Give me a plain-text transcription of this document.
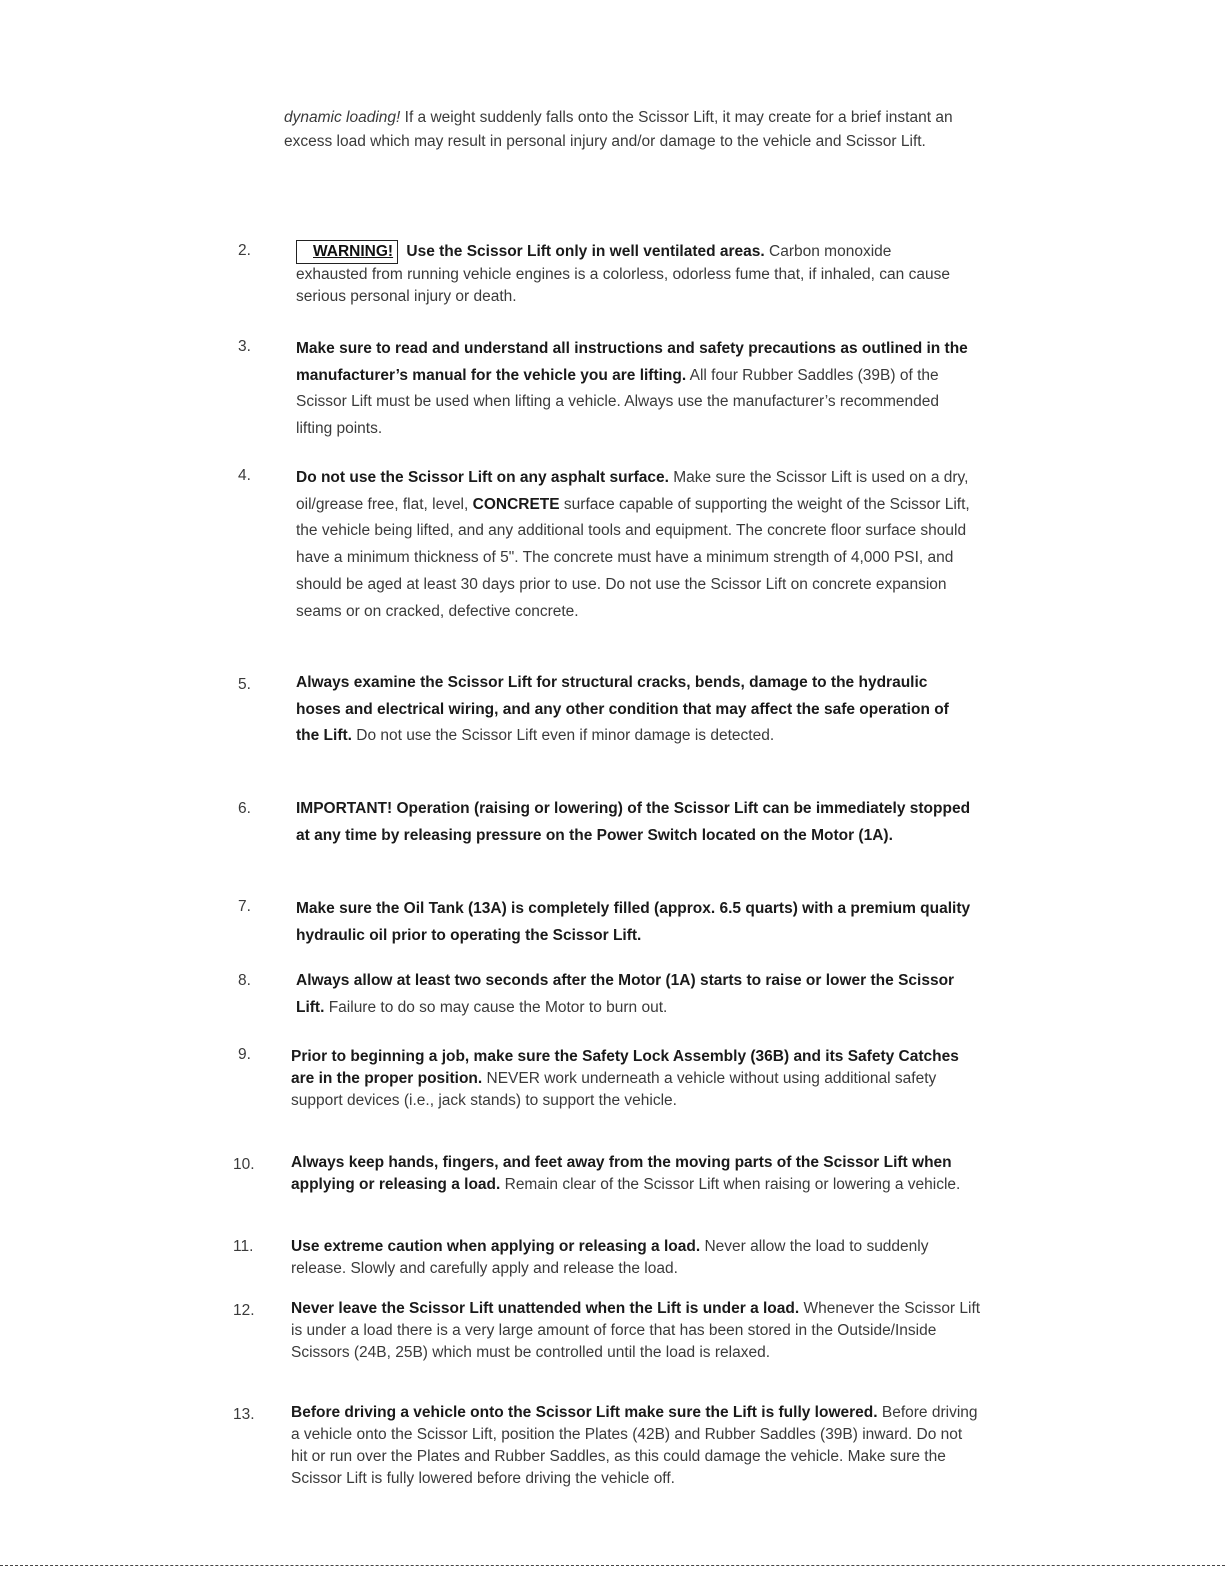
dynamic loading! If a weight suddenly falls onto the Scissor Lift, it may create for a brief instant an excess load which may result in personal injury and/or damage to the vehicle and Scissor Lift.
2.	WARNING! Use the Scissor Lift only in well ventilated areas. Carbon monoxide exhausted from running vehicle engines is a colorless, odorless fume that, if inhaled, can cause serious personal injury or death.
3.	Make sure to read and understand all instructions and safety precautions as outlined in the manufacturer’s manual for the vehicle you are lifting. All four Rubber Saddles (39B) of the Scissor Lift must be used when lifting a vehicle. Always use the manufacturer’s recommended lifting points.
4.	Do not use the Scissor Lift on any asphalt surface. Make sure the Scissor Lift is used on a dry, oil/grease free, flat, level, CONCRETE surface capable of supporting the weight of the Scissor Lift, the vehicle being lifted, and any additional tools and equipment. The concrete floor surface should have a minimum thickness of 5". The concrete must have a minimum strength of 4,000 PSI, and should be aged at least 30 days prior to use. Do not use the Scissor Lift on concrete expansion seams or on cracked, defective concrete.
5.	Always examine the Scissor Lift for structural cracks, bends, damage to the hydraulic hoses and electrical wiring, and any other condition that may affect the safe operation of the Lift. Do not use the Scissor Lift even if minor damage is detected.
6.	IMPORTANT! Operation (raising or lowering) of the Scissor Lift can be immediately stopped at any time by releasing pressure on the Power Switch located on the Motor (1A).
7.	Make sure the Oil Tank (13A) is completely filled (approx. 6.5 quarts) with a premium quality hydraulic oil prior to operating the Scissor Lift.
8.	Always allow at least two seconds after the Motor (1A) starts to raise or lower the Scissor Lift. Failure to do so may cause the Motor to burn out.
9.	Prior to beginning a job, make sure the Safety Lock Assembly (36B) and its Safety Catches are in the proper position. NEVER work underneath a vehicle without using additional safety support devices (i.e., jack stands) to support the vehicle.
10. Always keep hands, fingers, and feet away from the moving parts of the Scissor Lift when applying or releasing a load. Remain clear of the Scissor Lift when raising or lowering a vehicle.
11. Use extreme caution when applying or releasing a load. Never allow the load to suddenly release. Slowly and carefully apply and release the load.
12. Never leave the Scissor Lift unattended when the Lift is under a load. Whenever the Scissor Lift is under a load there is a very large amount of force that has been stored in the Outside/Inside Scissors (24B, 25B) which must be controlled until the load is relaxed.
13. Before driving a vehicle onto the Scissor Lift make sure the Lift is fully lowered. Before driving a vehicle onto the Scissor Lift, position the Plates (42B) and Rubber Saddles (39B) inward. Do not hit or run over the Plates and Rubber Saddles, as this could damage the vehicle. Make sure the Scissor Lift is fully lowered before driving the vehicle off.
